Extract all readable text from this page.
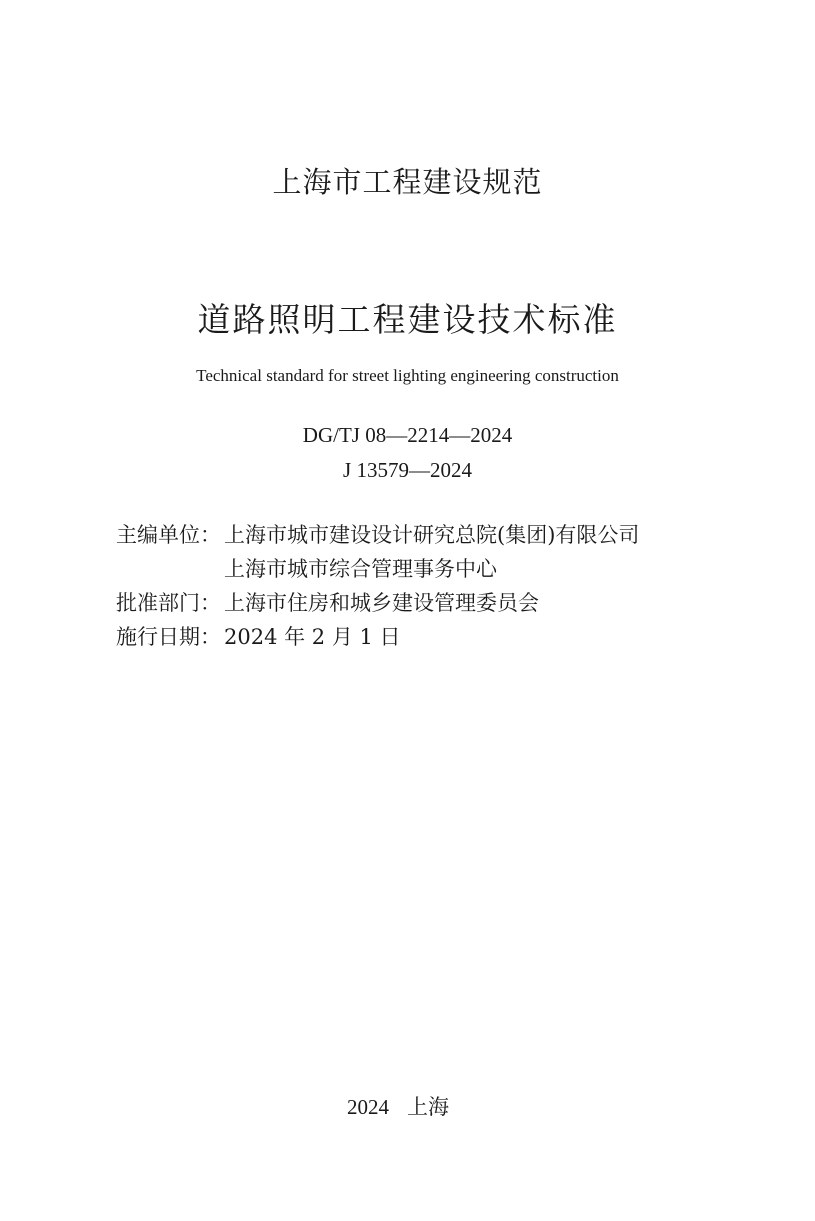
上海市工程建设规范
道路照明工程建设技术标准
Technical standard for street lighting engineering construction
DG/TJ 08—2214—2024
J 13579—2024
主编单位： 上海市城市建设设计研究总院(集团)有限公司
上海市城市综合管理事务中心
批准部门： 上海市住房和城乡建设管理委员会
施行日期： 2024 年 2 月 1 日
2024 上海
